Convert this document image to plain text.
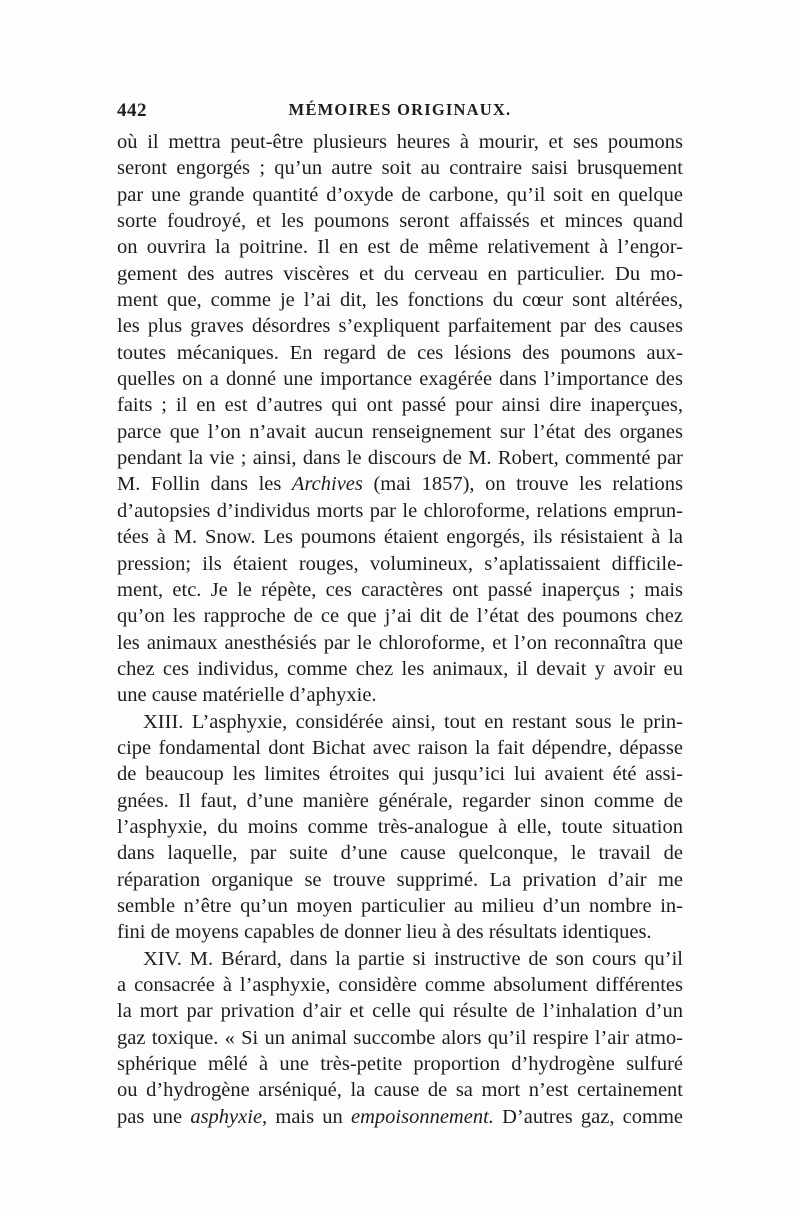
442	MÉMOIRES ORIGINAUX.
où il mettra peut-être plusieurs heures à mourir, et ses poumons
seront engorgés ; qu’un autre soit au contraire saisi brusquement
par une grande quantité d’oxyde de carbone, qu’il soit en quelque
sorte foudroyé, et les poumons seront affaissés et minces quand
on ouvrira la poitrine. Il en est de même relativement à l’engor-
gement des autres viscères et du cerveau en particulier. Du mo-
ment que, comme je l’ai dit, les fonctions du cœur sont altérées,
les plus graves désordres s’expliquent parfaitement par des causes
toutes mécaniques. En regard de ces lésions des poumons aux-
quelles on a donné une importance exagérée dans l’importance des
faits ; il en est d’autres qui ont passé pour ainsi dire inaperçues,
parce que l’on n’avait aucun renseignement sur l’état des organes
pendant la vie ; ainsi, dans le discours de M. Robert, commenté par
M. Follin dans les Archives (mai 1857), on trouve les relations
d’autopsies d’individus morts par le chloroforme, relations emprun-
tées à M. Snow. Les poumons étaient engorgés, ils résistaient à la
pression; ils étaient rouges, volumineux, s’aplatissaient difficile-
ment, etc. Je le répète, ces caractères ont passé inaperçus ; mais
qu’on les rapproche de ce que j’ai dit de l’état des poumons chez
les animaux anesthésiés par le chloroforme, et l’on reconnaîtra que
chez ces individus, comme chez les animaux, il devait y avoir eu
une cause matérielle d’aphyxie.
XIII. L’asphyxie, considérée ainsi, tout en restant sous le prin-
cipe fondamental dont Bichat avec raison la fait dépendre, dépasse
de beaucoup les limites étroites qui jusqu’ici lui avaient été assi-
gnées. Il faut, d’une manière générale, regarder sinon comme de
l’asphyxie, du moins comme très-analogue à elle, toute situation
dans laquelle, par suite d’une cause quelconque, le travail de
réparation organique se trouve supprimé. La privation d’air me
semble n’être qu’un moyen particulier au milieu d’un nombre in-
fini de moyens capables de donner lieu à des résultats identiques.
XIV. M. Bérard, dans la partie si instructive de son cours qu’il
a consacrée à l’asphyxie, considère comme absolument différentes
la mort par privation d’air et celle qui résulte de l’inhalation d’un
gaz toxique. « Si un animal succombe alors qu’il respire l’air atmo-
sphérique mêlé à une très-petite proportion d’hydrogène sulfuré
ou d’hydrogène arséniqué, la cause de sa mort n’est certainement
pas une asphyxie, mais un empoisonnement. D’autres gaz, comme
